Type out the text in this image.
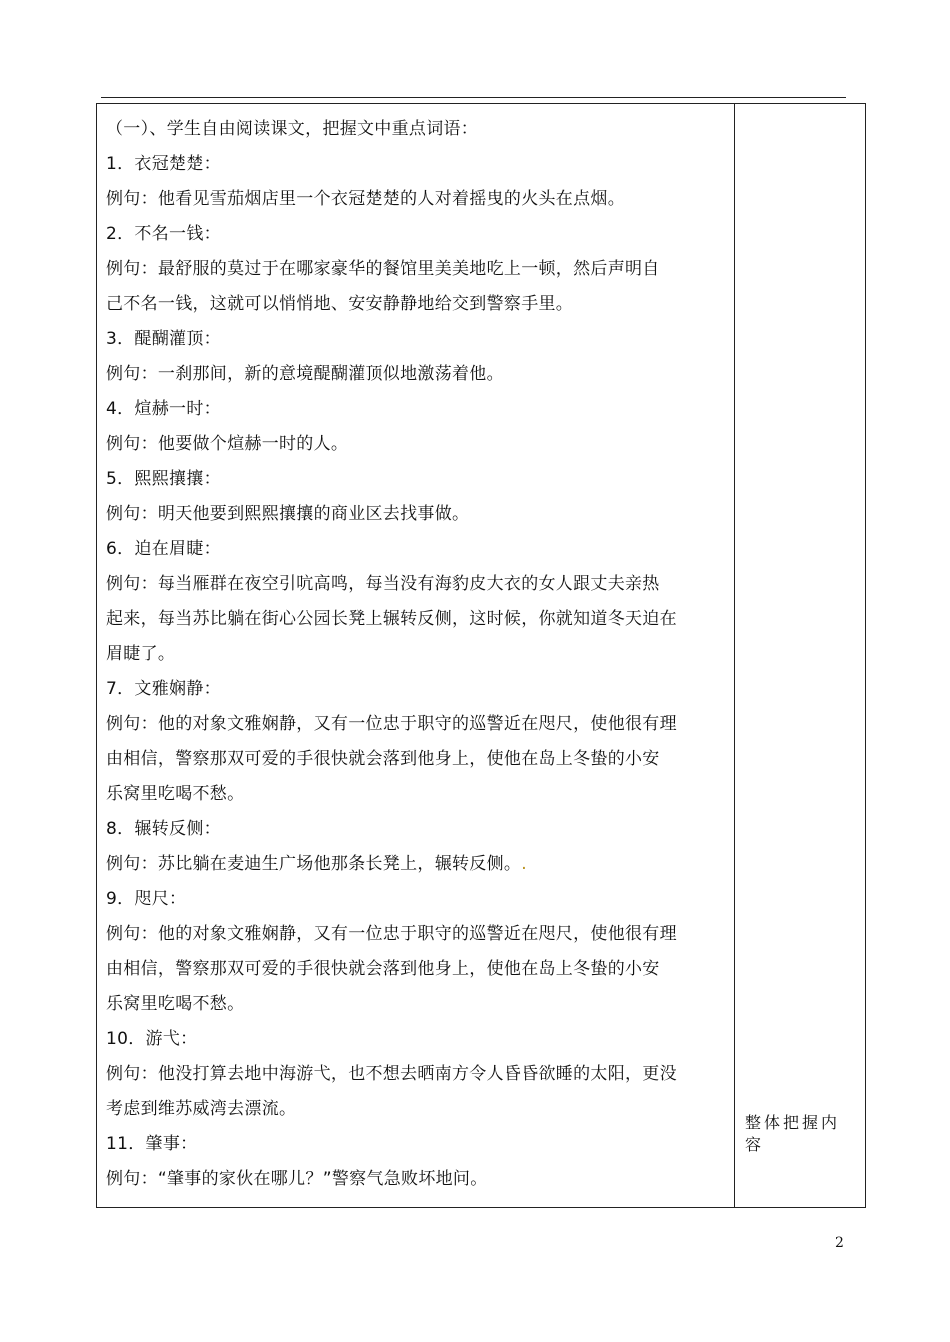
（一）、学生自由阅读课文，把握文中重点词语：
1．衣冠楚楚：
例句：他看见雪茄烟店里一个衣冠楚楚的人对着摇曳的火头在点烟。
2．不名一钱：
例句：最舒服的莫过于在哪家豪华的餐馆里美美地吃上一顿，然后声明自
己不名一钱，这就可以悄悄地、安安静静地给交到警察手里。
3．醍醐灌顶：
例句：一刹那间，新的意境醍醐灌顶似地激荡着他。
4．煊赫一时：
例句：他要做个煊赫一时的人。
5．熙熙攘攘：
例句：明天他要到熙熙攘攘的商业区去找事做。
6．迫在眉睫：
例句：每当雁群在夜空引吭高鸣，每当没有海豹皮大衣的女人跟丈夫亲热
起来，每当苏比躺在街心公园长凳上辗转反侧，这时候，你就知道冬天迫在
眉睫了。
7．文雅娴静：
例句：他的对象文雅娴静，又有一位忠于职守的巡警近在咫尺，使他很有理
由相信，警察那双可爱的手很快就会落到他身上，使他在岛上冬蛰的小安
乐窝里吃喝不愁。
8．辗转反侧：
例句：苏比躺在麦迪生广场他那条长凳上，辗转反侧。.
9．咫尺：
例句：他的对象文雅娴静，又有一位忠于职守的巡警近在咫尺，使他很有理
由相信，警察那双可爱的手很快就会落到他身上，使他在岛上冬蛰的小安
乐窝里吃喝不愁。
10．游弋：
例句：他没打算去地中海游弋，也不想去晒南方令人昏昏欲睡的太阳，更没
考虑到维苏威湾去漂流。
11．肇事：
例句：“肇事的家伙在哪儿？”警察气急败坏地问。
整体把握内容
2
